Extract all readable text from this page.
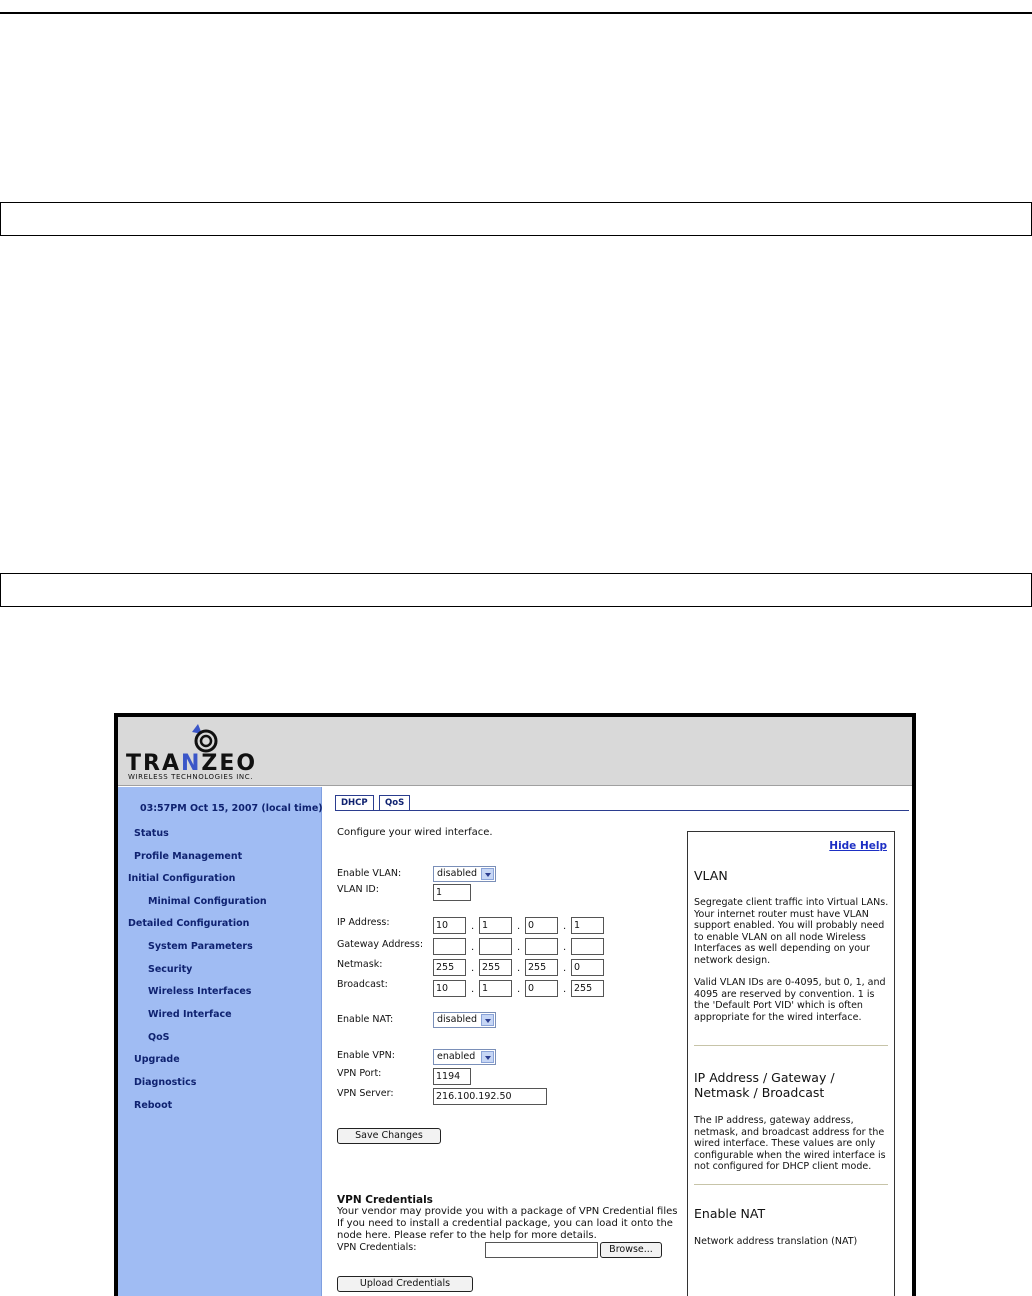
TRANZEO
WIRELESS TECHNOLOGIES INC.
03:57PM Oct 15, 2007 (local time)
Status
Profile Management
Initial Configuration
Minimal Configuration
Detailed Configuration
System Parameters
Security
Wireless Interfaces
Wired Interface
QoS
Upgrade
Diagnostics
Reboot
DHCP	QoS
Configure your wired interface.
Enable VLAN:	disabled
VLAN ID:	1
IP Address:	10	. 1	. 0	. 1
Gateway Address:	.	.	.
Netmask:	255	. 255	. 255	. 0
Broadcast:	10	. 1	. 0	. 255
Enable NAT:	disabled
Enable VPN:	enabled
VPN Port:	1194
VPN Server:	216.100.192.50
Save Changes
VPN Credentials
Your vendor may provide you with a package of VPN Credential files
If you need to install a credential package, you can load it onto the
node here. Please refer to the help for more details.
VPN Credentials:	Browse...
Upload Credentials
Hide Help
VLAN
Segregate client traffic into Virtual LANs. Your internet router must have VLAN support enabled. You will probably need to enable VLAN on all node Wireless Interfaces as well depending on your network design.
Valid VLAN IDs are 0-4095, but 0, 1, and 4095 are reserved by convention. 1 is the 'Default Port VID' which is often appropriate for the wired interface.
IP Address / Gateway / Netmask / Broadcast
The IP address, gateway address, netmask, and broadcast address for the wired interface. These values are only configurable when the wired interface is not configured for DHCP client mode.
Enable NAT
Network address translation (NAT)
